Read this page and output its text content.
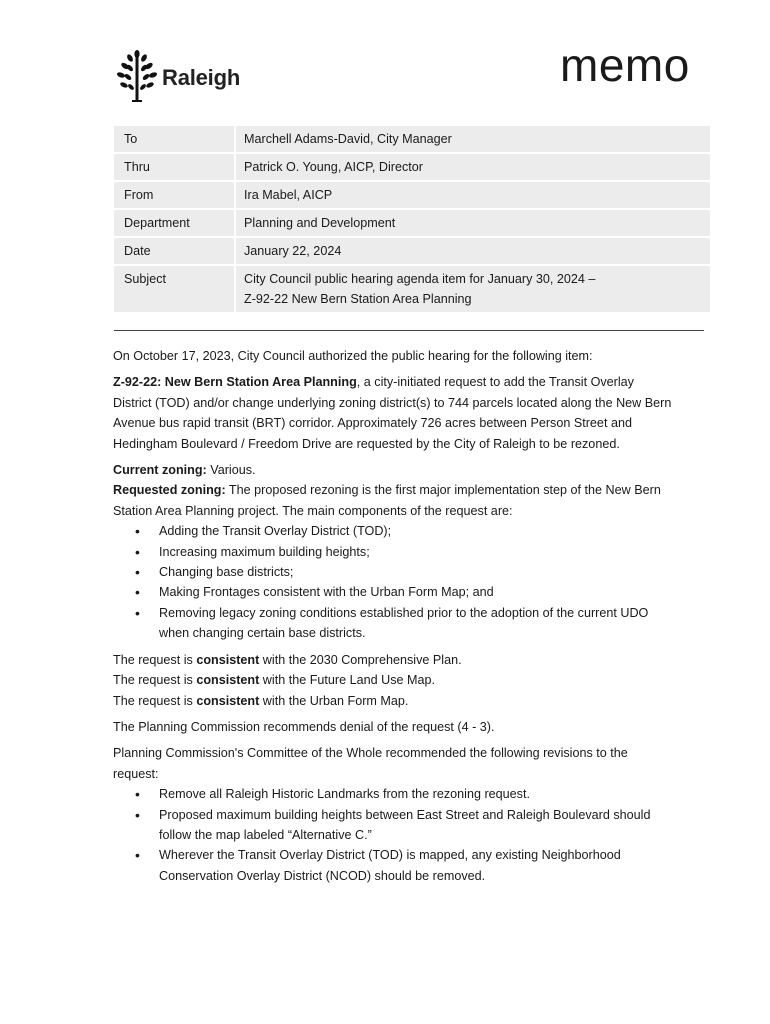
Raleigh	memo
To	Marchell Adams-David, City Manager
Thru	Patrick O. Young, AICP, Director
From	Ira Mabel, AICP
Department	Planning and Development
Date	January 22, 2024
Subject	City Council public hearing agenda item for January 30, 2024 –
Z-92-22 New Bern Station Area Planning

On October 17, 2023, City Council authorized the public hearing for the following item:

Z-92-22: New Bern Station Area Planning, a city-initiated request to add the Transit Overlay District (TOD) and/or change underlying zoning district(s) to 744 parcels located along the New Bern Avenue bus rapid transit (BRT) corridor. Approximately 726 acres between Person Street and Hedingham Boulevard / Freedom Drive are requested by the City of Raleigh to be rezoned.

Current zoning: Various.

Requested zoning: The proposed rezoning is the first major implementation step of the New Bern Station Area Planning project. The main components of the request are:

• Adding the Transit Overlay District (TOD);
• Increasing maximum building heights;
• Changing base districts;
• Making Frontages consistent with the Urban Form Map; and
• Removing legacy zoning conditions established prior to the adoption of the current UDO when changing certain base districts.

The request is consistent with the 2030 Comprehensive Plan.
The request is consistent with the Future Land Use Map.
The request is consistent with the Urban Form Map.

The Planning Commission recommends denial of the request (4 - 3).

Planning Commission's Committee of the Whole recommended the following revisions to the request:

• Remove all Raleigh Historic Landmarks from the rezoning request.
• Proposed maximum building heights between East Street and Raleigh Boulevard should follow the map labeled “Alternative C.”
• Wherever the Transit Overlay District (TOD) is mapped, any existing Neighborhood Conservation Overlay District (NCOD) should be removed.
